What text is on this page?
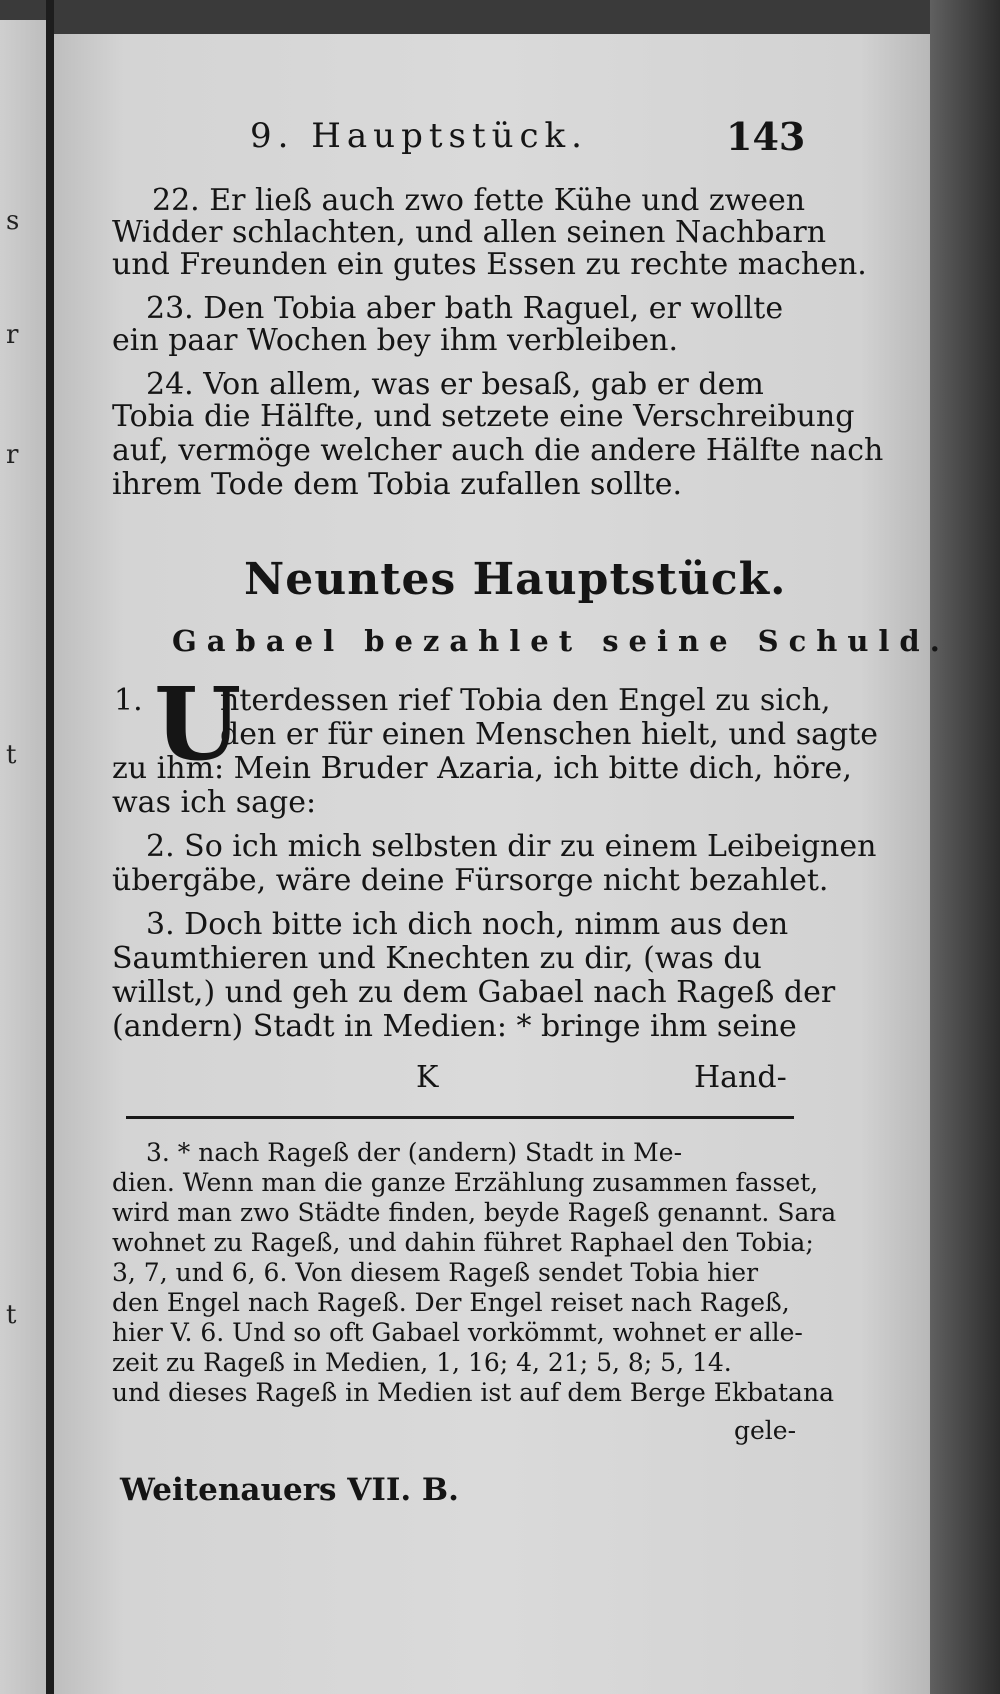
s
r
r
t
t
9. Hauptstück.	143
22. Er ließ auch zwo fette Kühe und zween
Widder schlachten, und allen seinen Nachbarn
und Freunden ein gutes Essen zu rechte machen.
23. Den Tobia aber bath Raguel, er wollte
ein paar Wochen bey ihm verbleiben.
24. Von allem, was er besaß, gab er dem
Tobia die Hälfte, und setzete eine Verschreibung
auf, vermöge welcher auch die andere Hälfte nach
ihrem Tode dem Tobia zufallen sollte.
Neuntes Hauptstück.
Gabael bezahlet seine Schuld.
1. U
nterdessen rief Tobia den Engel zu sich,
den er für einen Menschen hielt, und sagte
zu ihm: Mein Bruder Azaria, ich bitte dich, höre,
was ich sage:
2. So ich mich selbsten dir zu einem Leibeignen
übergäbe, wäre deine Fürsorge nicht bezahlet.
3. Doch bitte ich dich noch, nimm aus den
Saumthieren und Knechten zu dir, (was du
willst,) und geh zu dem Gabael nach Rageß der
(andern) Stadt in Medien: * bringe ihm seine
K	Hand-
3. * nach Rageß der (andern) Stadt in Me-
dien. Wenn man die ganze Erzählung zusammen fasset,
wird man zwo Städte finden, beyde Rageß genannt. Sara
wohnet zu Rageß, und dahin führet Raphael den Tobia;
3, 7, und 6, 6. Von diesem Rageß sendet Tobia hier
den Engel nach Rageß. Der Engel reiset nach Rageß,
hier V. 6. Und so oft Gabael vorkömmt, wohnet er alle-
zeit zu Rageß in Medien, 1, 16; 4, 21; 5, 8; 5, 14.
und dieses Rageß in Medien ist auf dem Berge Ekbatana
gele-
Weitenauers VII. B.
